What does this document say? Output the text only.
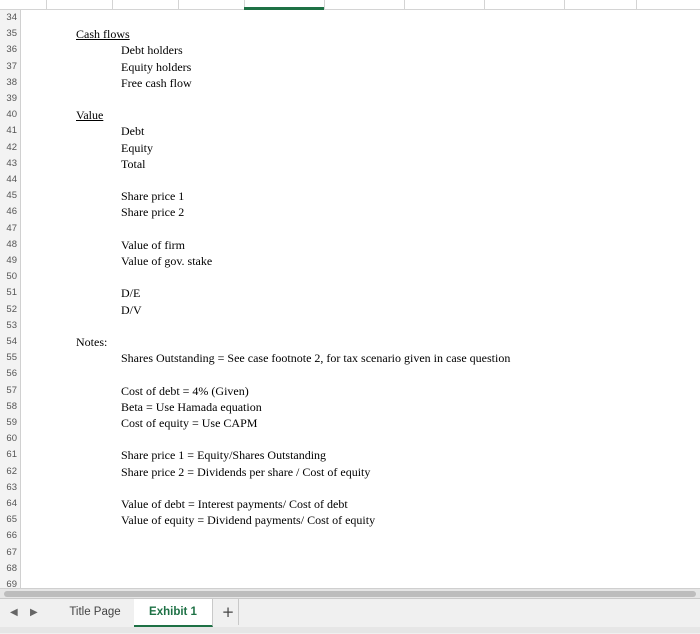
34
35
36
37
38
39
40
41
42
43
44
45
46
47
48
49
50
51
52
53
54
55
56
57
58
59
60
61
62
63
64
65
66
67
68
69
Cash flows
Debt holders
Equity holders
Free cash flow
Value
Debt
Equity
Total
Share price 1
Share price 2
Value of firm
Value of gov. stake
D/E
D/V
Notes:
Shares Outstanding = See case footnote 2, for tax scenario given in case question
Cost of debt = 4% (Given)
Beta = Use Hamada equation
Cost of equity = Use CAPM
Share price 1 = Equity/Shares Outstanding
Share price 2 = Dividends per share / Cost of equity
Value of debt = Interest payments/ Cost of debt
Value of equity = Dividend payments/ Cost of equity
◀ ▶	Title Page	Exhibit 1	+
